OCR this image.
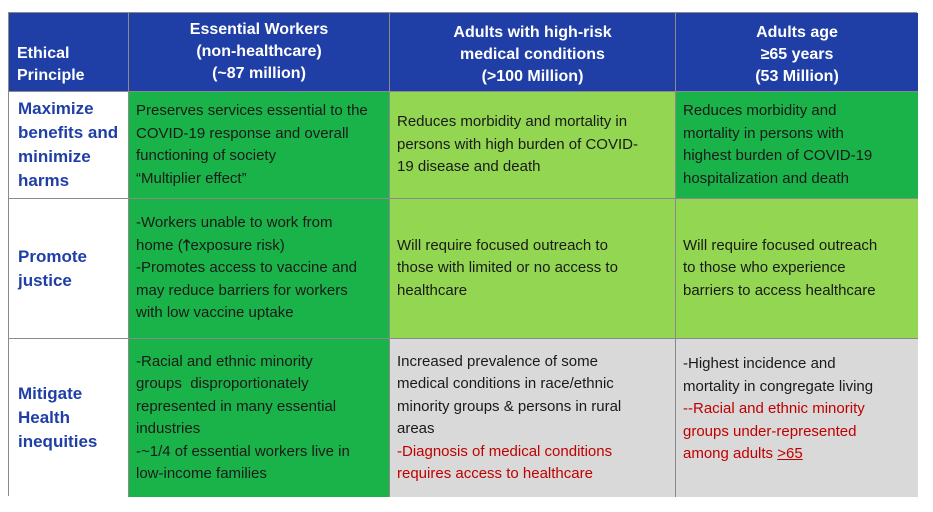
Ethical
Principle
Essential Workers
(non-healthcare)
(~87 million)
Adults with high-risk
medical conditions
(>100 Million)
Adults age
≥65 years
(53 Million)
Maximize
benefits and
minimize
harms
Preserves services essential to the
COVID-19 response and overall
functioning of society
“Multiplier effect”
Reduces morbidity and mortality in
persons with high burden of COVID-
19 disease and death
Reduces morbidity and
mortality in persons with
highest burden of COVID-19
hospitalization and death
Promote
justice
-Workers unable to work from
home (🡑exposure risk)
-Promotes access to vaccine and
may reduce barriers for workers
with low vaccine uptake
Will require focused outreach to
those with limited or no access to
healthcare
Will require focused outreach
to those who experience
barriers to access healthcare
Mitigate
Health
inequities
-Racial and ethnic minority
groups  disproportionately
represented in many essential
industries
-~1/4 of essential workers live in
low-income families
Increased prevalence of some
medical conditions in race/ethnic
minority groups & persons in rural
areas
-Diagnosis of medical conditions
requires access to healthcare
-Highest incidence and
mortality in congregate living
--Racial and ethnic minority
groups under-represented
among adults >65
